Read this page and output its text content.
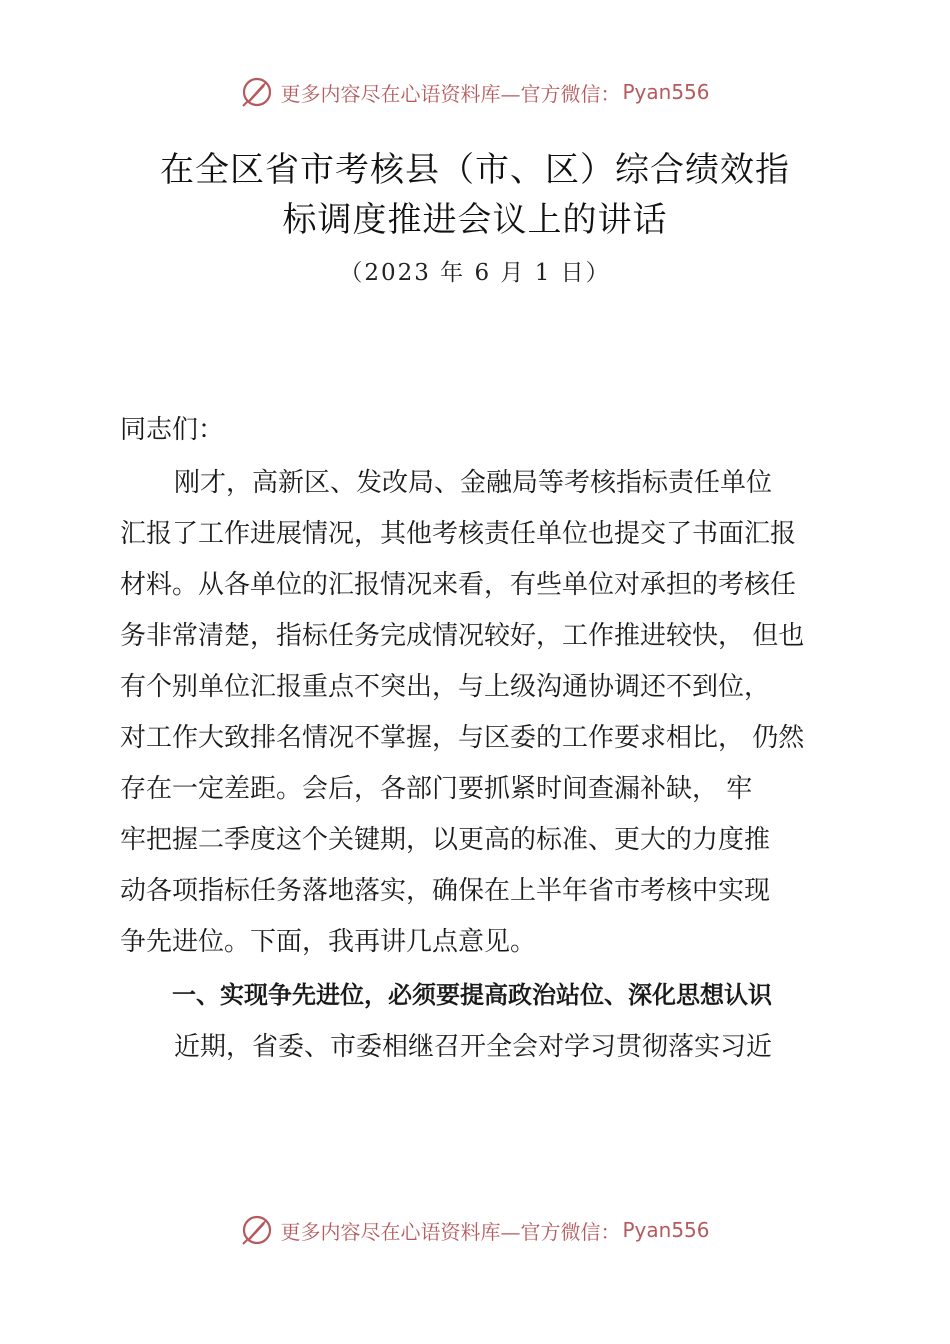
更多内容尽在心语资料库—官方微信： Pyan556
在全区省市考核县（市、区）综合绩效指
标调度推进会议上的讲话
（2023 年 6 月 1 日）
同志们：
刚才，高新区、发改局、金融局等考核指标责任单位
汇报了工作进展情况，其他考核责任单位也提交了书面汇报
材料。从各单位的汇报情况来看，有些单位对承担的考核任
务非常清楚，指标任务完成情况较好，工作推进较快， 但也
有个别单位汇报重点不突出，与上级沟通协调还不到位，
对工作大致排名情况不掌握，与区委的工作要求相比， 仍然
存在一定差距。会后，各部门要抓紧时间查漏补缺， 牢
牢把握二季度这个关键期，以更高的标准、更大的力度推
动各项指标任务落地落实，确保在上半年省市考核中实现
争先进位。下面，我再讲几点意见。
一、实现争先进位，必须要提高政治站位、深化思想认识
近期，省委、市委相继召开全会对学习贯彻落实习近
更多内容尽在心语资料库—官方微信： Pyan556
